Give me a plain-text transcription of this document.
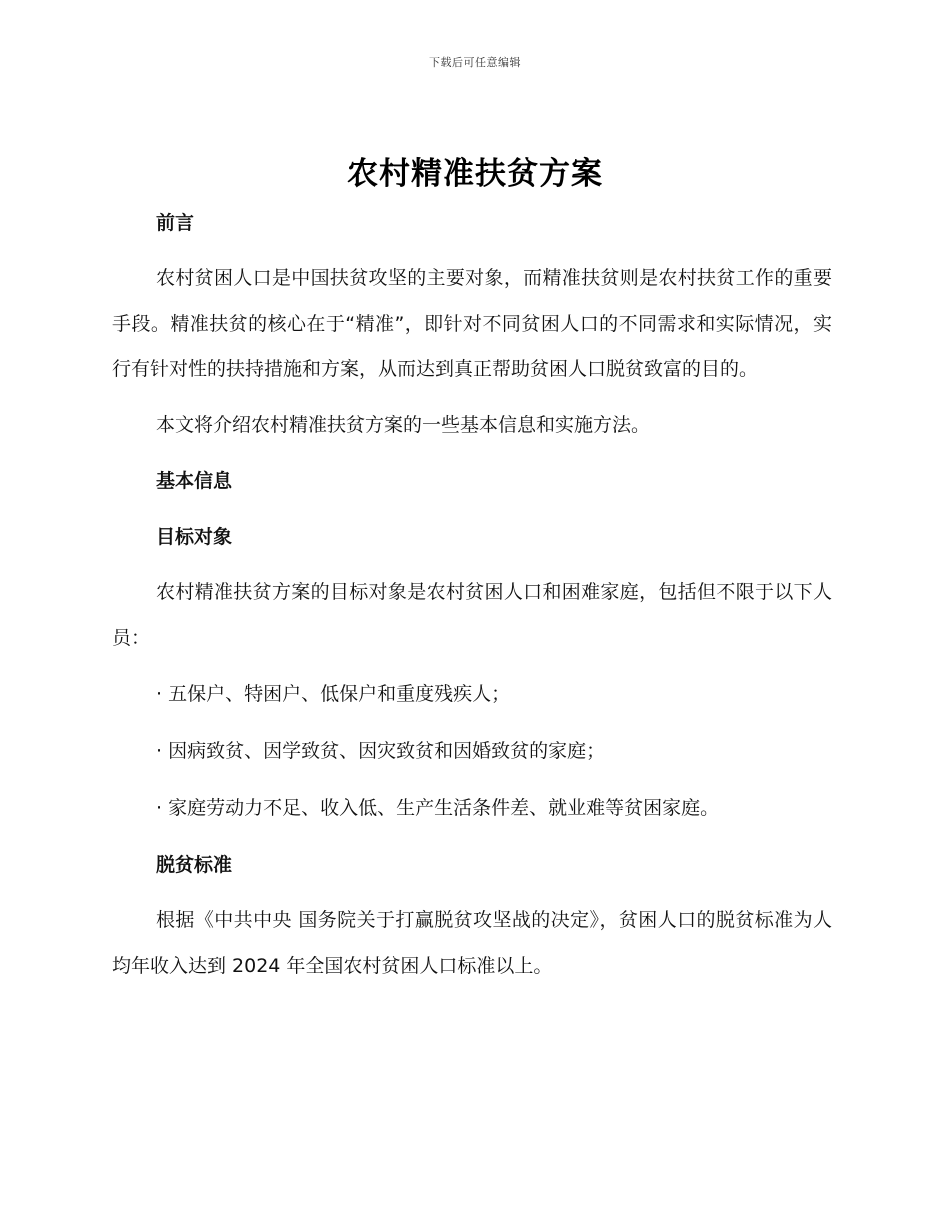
下载后可任意编辑
农村精准扶贫方案
前言

农村贫困人口是中国扶贫攻坚的主要对象，而精准扶贫则是农村扶贫工作的重要手段。精准扶贫的核心在于“精准”，即针对不同贫困人口的不同需求和实际情况，实行有针对性的扶持措施和方案，从而达到真正帮助贫困人口脱贫致富的目的。

本文将介绍农村精准扶贫方案的一些基本信息和实施方法。

基本信息
目标对象

农村精准扶贫方案的目标对象是农村贫困人口和困难家庭，包括但不限于以下人员：

· 五保户、特困户、低保户和重度残疾人；
· 因病致贫、因学致贫、因灾致贫和因婚致贫的家庭；
· 家庭劳动力不足、收入低、生产生活条件差、就业难等贫困家庭。
脱贫标准

根据《中共中央 国务院关于打赢脱贫攻坚战的决定》，贫困人口的脱贫标准为人均年收入达到 2024 年全国农村贫困人口标准以上。
